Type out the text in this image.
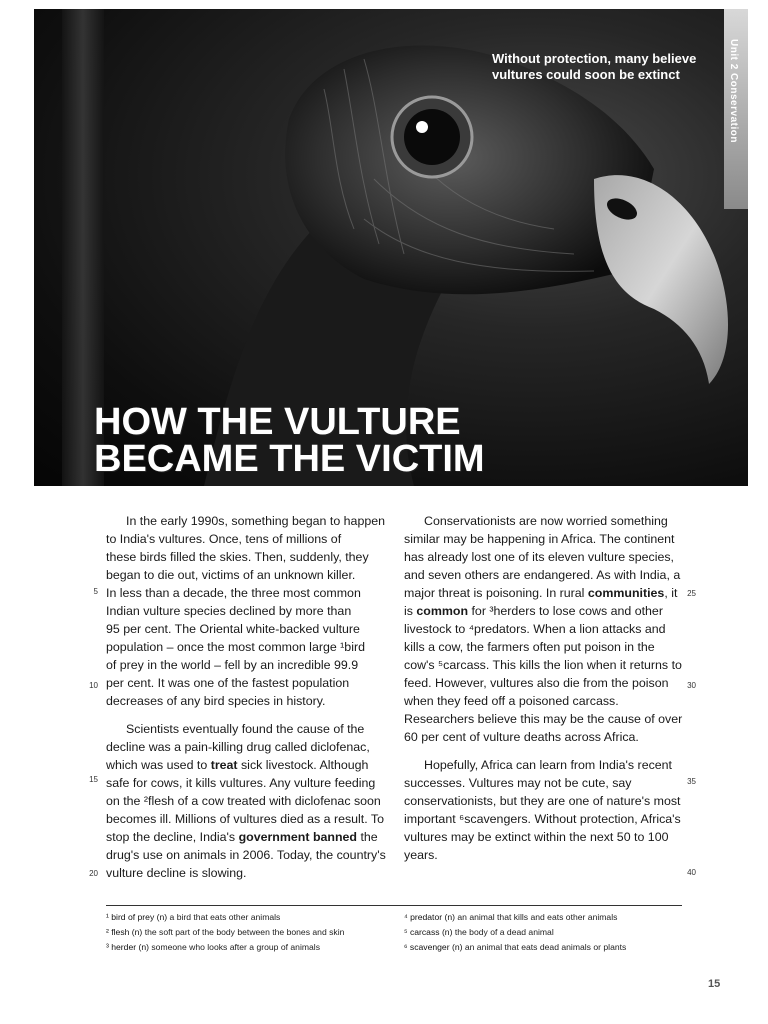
Unit 2 Conservation
Without protection, many believe vultures could soon be extinct
HOW THE VULTURE
BECAME THE VICTIM

In the early 1990s, something began to happen
to India's vultures. Once, tens of millions of
these birds filled the skies. Then, suddenly, they
began to die out, victims of an unknown killer.
In less than a decade, the three most common
Indian vulture species declined by more than
95 per cent. The Oriental white-backed vulture
population – once the most common large ¹bird
of prey in the world – fell by an incredible 99.9
per cent. It was one of the fastest population
decreases of any bird species in history.

Scientists eventually found the cause of the decline was a pain-killing drug called diclofenac, which was used to treat sick livestock. Although safe for cows, it kills vultures. Any vulture feeding on the ²flesh of a cow treated with diclofenac soon becomes ill. Millions of vultures died as a result. To stop the decline, India's government banned the drug's use on animals in 2006. Today, the country's vulture decline is slowing.

Conservationists are now worried something similar may be happening in Africa. The continent has already lost one of its eleven vulture species, and seven others are endangered. As with India, a major threat is poisoning. In rural communities, it is common for ³herders to lose cows and other livestock to ⁴predators. When a lion attacks and kills a cow, the farmers often put poison in the cow's ⁵carcass. This kills the lion when it returns to feed. However, vultures also die from the poison when they feed off a poisoned carcass. Researchers believe this may be the cause of over 60 per cent of vulture deaths across Africa.

Hopefully, Africa can learn from India's recent successes. Vultures may not be cute, say conservationists, but they are one of nature's most important ⁶scavengers. Without protection, Africa's vultures may be extinct within the next 50 to 100 years.

5
10
15
20
25
30
35
40
¹ bird of prey (n) a bird that eats other animals
² flesh (n) the soft part of the body between the bones and skin
³ herder (n) someone who looks after a group of animals
⁴ predator (n) an animal that kills and eats other animals
⁵ carcass (n) the body of a dead animal
⁶ scavenger (n) an animal that eats dead animals or plants
15
